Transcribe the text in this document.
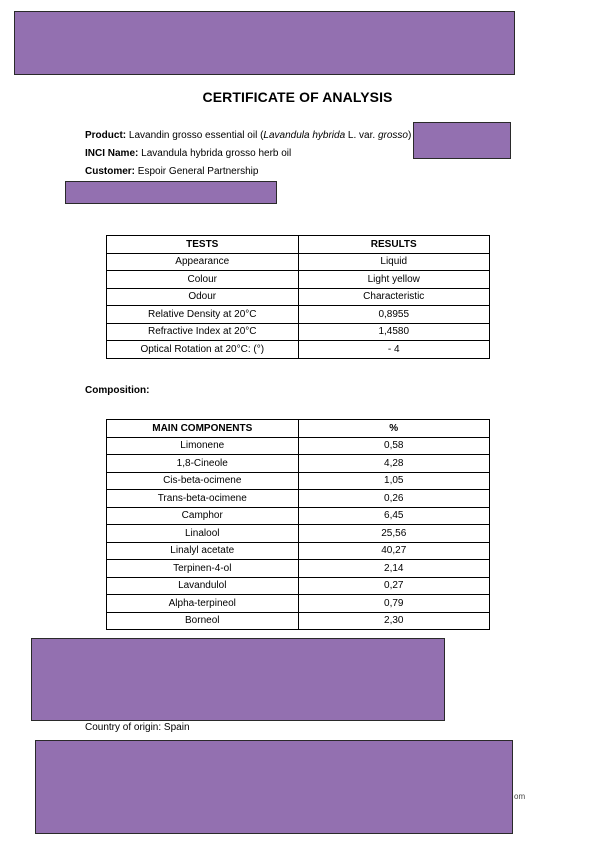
CERTIFICATE OF ANALYSIS
Product: Lavandin grosso essential oil (Lavandula hybrida L. var. grosso)
INCI Name: Lavandula hybrida grosso herb oil
Customer: Espoir General Partnership
TESTS	RESULTS
Appearance	Liquid
Colour	Light yellow
Odour	Characteristic
Relative Density at 20°C	0,8955
Refractive Index at 20°C	1,4580
Optical Rotation at 20°C: (°)	- 4
Composition:
MAIN COMPONENTS	%
Limonene	0,58
1,8-Cineole	4,28
Cis-beta-ocimene	1,05
Trans-beta-ocimene	0,26
Camphor	6,45
Linalool	25,56
Linalyl acetate	40,27
Terpinen-4-ol	2,14
Lavandulol	0,27
Alpha-terpineol	0,79
Borneol	2,30
Country of origin: Spain
om
